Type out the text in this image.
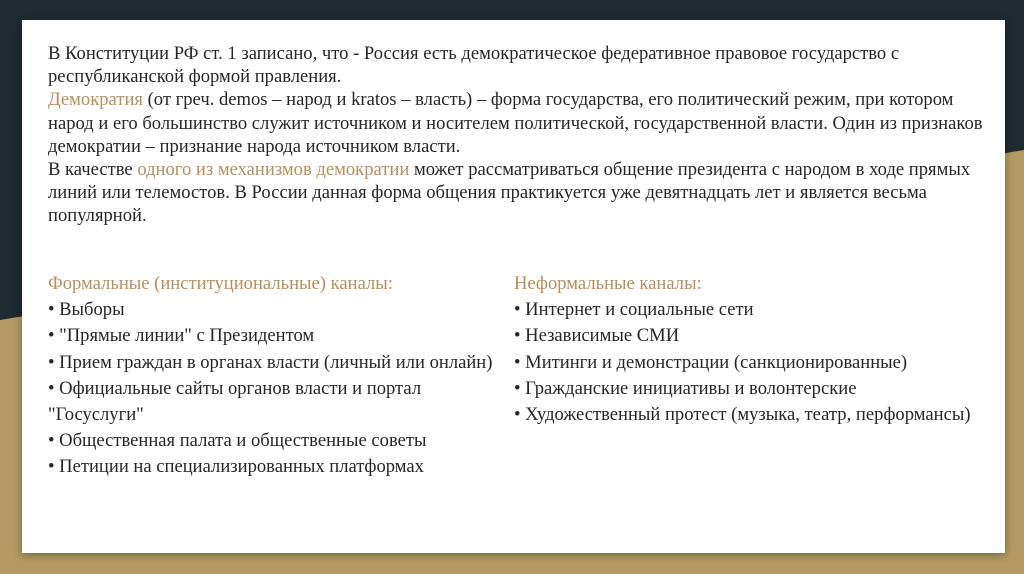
В Конституции РФ ст. 1 записано, что - Россия есть демократическое федеративное правовое государство с республиканской формой правления.

Демократия (от греч. demos – народ и kratos – власть) – форма государства, его политический режим, при котором народ и его большинство служит источником и носителем политической, государственной власти. Один из признаков демократии – признание народа источником власти.

В качестве одного из механизмов демократии может рассматриваться общение президента с народом в ходе прямых линий или телемостов. В России данная форма общения практикуется уже девятнадцать лет и является весьма популярной.

Формальные (институциональные) каналы:
• Выборы
• "Прямые линии" с Президентом
• Прием граждан в органах власти (личный или онлайн)
• Официальные сайты органов власти и портал "Госуслуги"
• Общественная палата и общественные советы
• Петиции на специализированных платформах
Неформальные каналы:
• Интернет и социальные сети
• Независимые СМИ
• Митинги и демонстрации (санкционированные)
• Гражданские инициативы и волонтерские
• Художественный протест (музыка, театр, перформансы)
